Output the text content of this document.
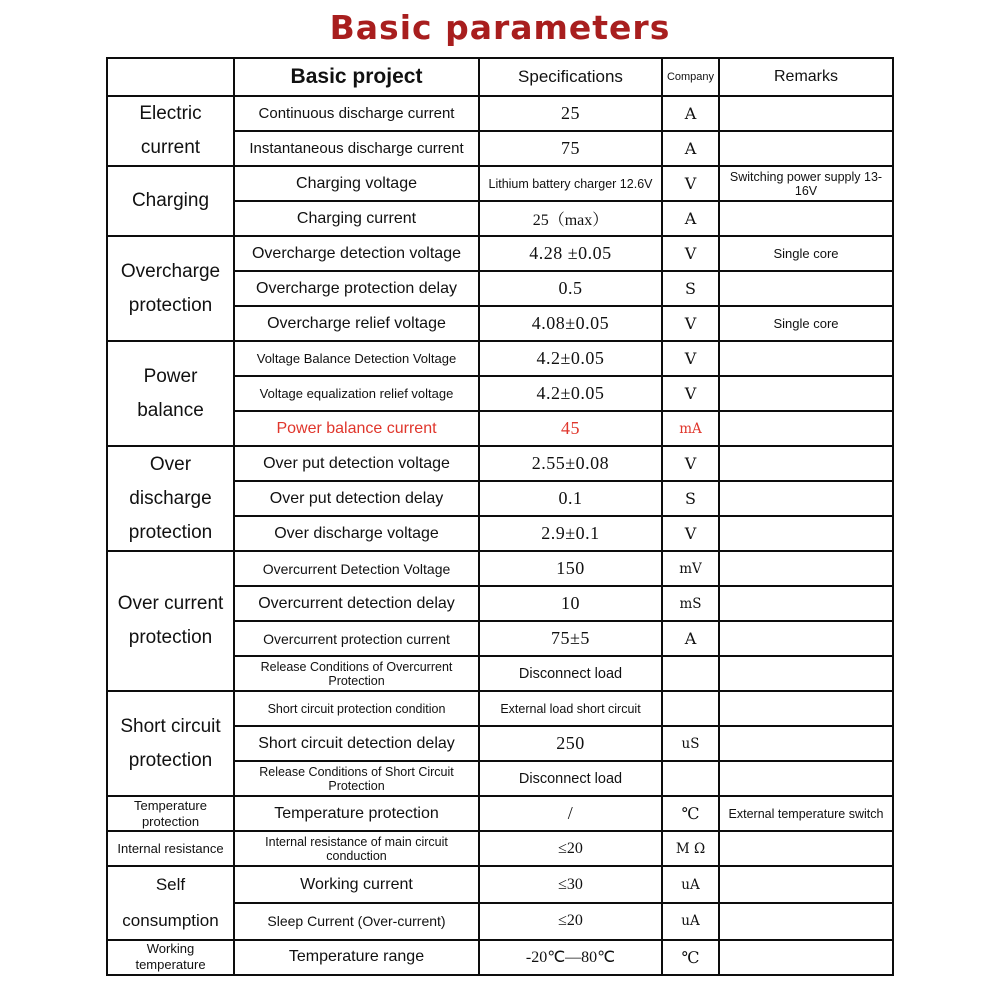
Basic parameters
	Basic project	Specifications	Company	Remarks
Electric current	Continuous discharge current	25	A	
	Instantaneous discharge current	75	A	
Charging	Charging voltage	Lithium battery charger 12.6V	V	Switching power supply 13-16V
	Charging current	25（max）	A	
Overcharge protection	Overcharge detection voltage	4.28 ±0.05	V	Single core
	Overcharge protection delay	0.5	S	
	Overcharge relief voltage	4.08±0.05	V	Single core
Power balance	Voltage Balance Detection Voltage	4.2±0.05	V	
	Voltage equalization relief voltage	4.2±0.05	V	
	Power balance current	45	mA	
Over discharge protection	Over put detection voltage	2.55±0.08	V	
	Over put detection delay	0.1	S	
	Over discharge voltage	2.9±0.1	V	
Over current protection	Overcurrent Detection Voltage	150	mV	
	Overcurrent detection delay	10	mS	
	Overcurrent protection current	75±5	A	
	Release Conditions of Overcurrent Protection	Disconnect load		
Short circuit protection	Short circuit protection condition	External load short circuit		
	Short circuit detection delay	250	uS	
	Release Conditions of Short Circuit Protection	Disconnect load		
Temperature protection	Temperature protection	/	℃	External temperature switch
Internal resistance	Internal resistance of main circuit conduction	≤20	M Ω	
Self consumption	Working current	≤30	uA	
	Sleep Current (Over-current)	≤20	uA	
Working temperature	Temperature range	-20℃—80℃	℃	
